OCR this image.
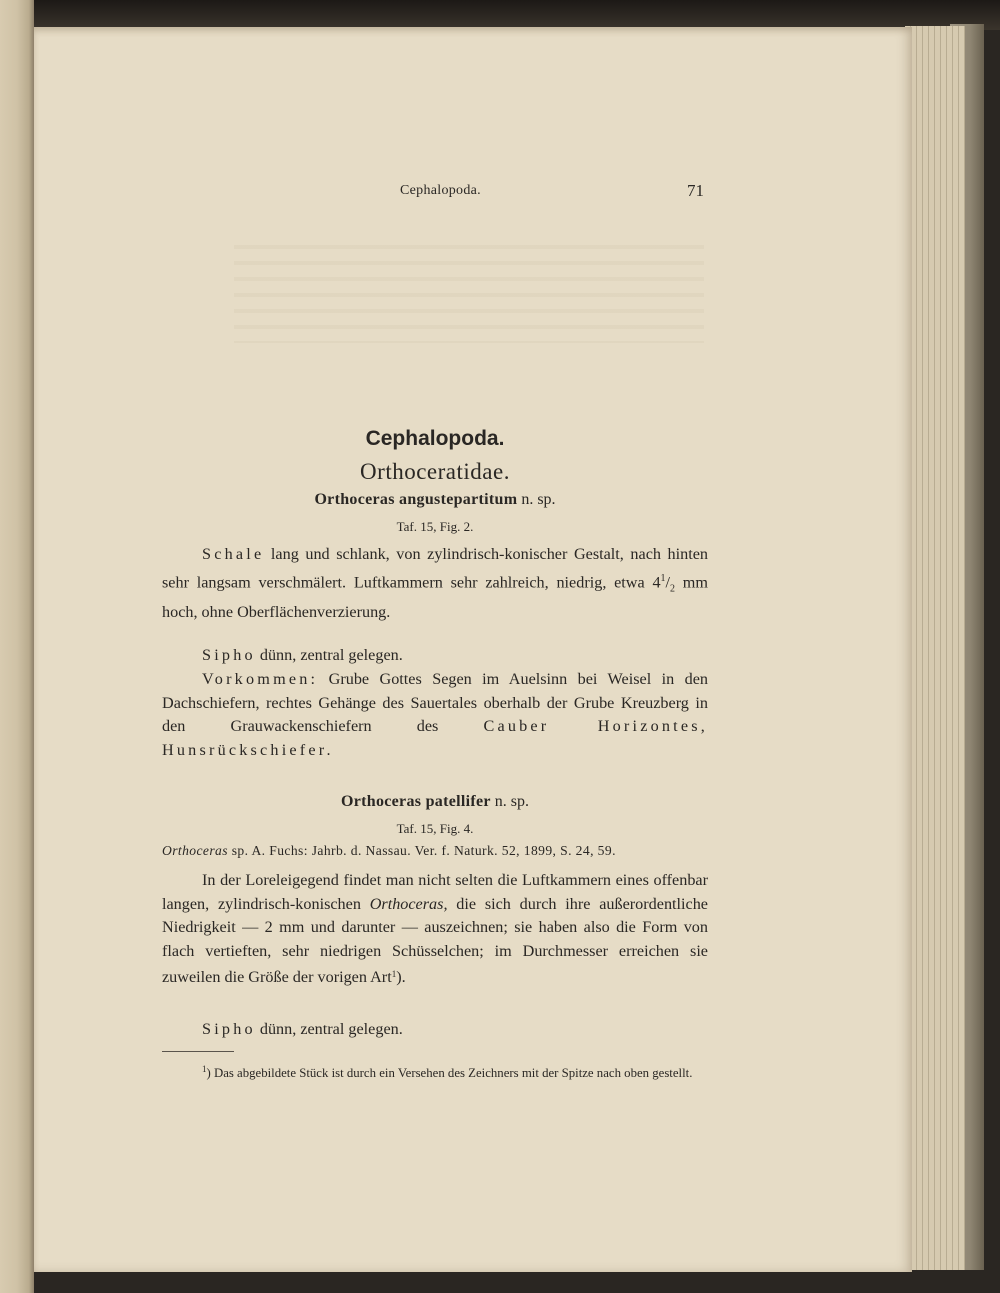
Cephalopoda.	71
Cephalopoda.
Orthoceratidae.
Orthoceras angustepartitum n. sp.
Taf. 15, Fig. 2.

Schale lang und schlank, von zylindrisch-konischer Gestalt, nach hinten sehr langsam verschmälert. Luftkammern sehr zahlreich, niedrig, etwa $4^1/_2$ mm hoch, ohne Oberflächenverzierung.

Sipho dünn, zentral gelegen.

Vorkommen: Grube Gottes Segen im Auelsinn bei Weisel in den Dachschiefern, rechtes Gehänge des Sauertales oberhalb der Grube Kreuzberg in den Grauwackenschiefern des Cauber Horizontes, Hunsrückschiefer.

Orthoceras patellifer n. sp.
Taf. 15, Fig. 4.
Orthoceras sp. A. Fuchs: Jahrb. d. Nassau. Ver. f. Naturk. 52, 1899, S. 24, 59.

In der Loreleigegend findet man nicht selten die Luftkammern eines offenbar langen, zylindrisch-konischen Orthoceras, die sich durch ihre außerordentliche Niedrigkeit — 2 mm und darunter — auszeichnen; sie haben also die Form von flach vertieften, sehr niedrigen Schüsselchen; im Durchmesser erreichen sie zuweilen die Größe der vorigen Art$^1$).

Sipho dünn, zentral gelegen.

$^1$) Das abgebildete Stück ist durch ein Versehen des Zeichners mit der Spitze nach oben gestellt.
